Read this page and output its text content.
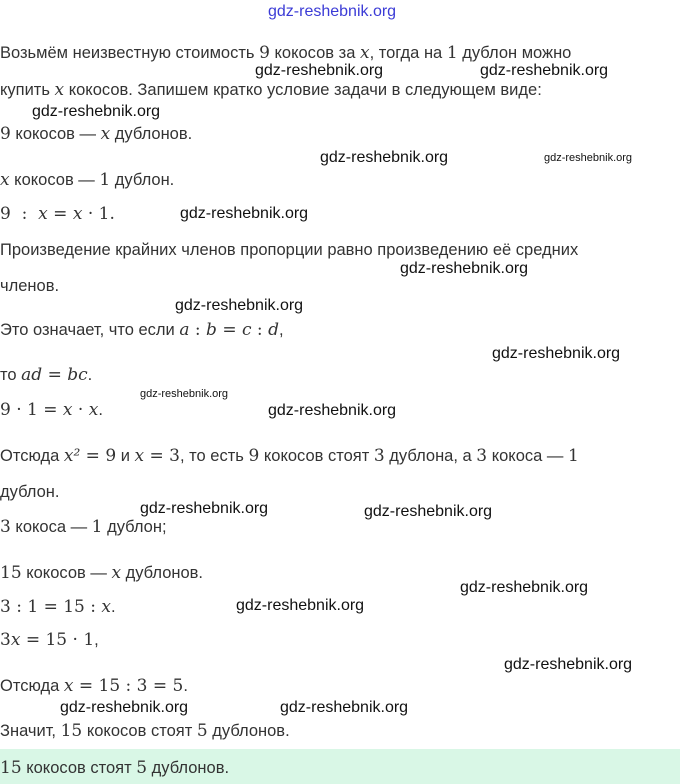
Возьмём неизвестную стоимость 9 кокосов за x, тогда на 1 дублон можно
купить x кокосов. Запишем кратко условие задачи в следующем виде:
9 кокосов — x дублонов.
x кокосов — 1 дублон.
9  :  x = x · 1.
Произведение крайних членов пропорции равно произведению её средних
членов.
Это означает, что если a : b = c : d,
то ad = bc.
9 · 1 = x · x.
Отсюда x² = 9 и x = 3, то есть 9 кокосов стоят 3 дублона, а 3 кокоса — 1
дублон.
3 кокоса — 1 дублон;
15 кокосов — x дублонов.
3 : 1 = 15 : x.
3x = 15 · 1,
Отсюда x = 15 : 3 = 5.
Значит, 15 кокосов стоят 5 дублонов.
15 кокосов стоят 5 дублонов.
gdz-reshebnik.org
gdz-reshebnik.org	gdz-reshebnik.org
gdz-reshebnik.org
gdz-reshebnik.org	gdz-reshebnik.org
gdz-reshebnik.org
gdz-reshebnik.org
gdz-reshebnik.org
gdz-reshebnik.org
gdz-reshebnik.org
gdz-reshebnik.org
gdz-reshebnik.org
gdz-reshebnik.org
gdz-reshebnik.org
gdz-reshebnik.org
gdz-reshebnik.org
gdz-reshebnik.org	gdz-reshebnik.org
